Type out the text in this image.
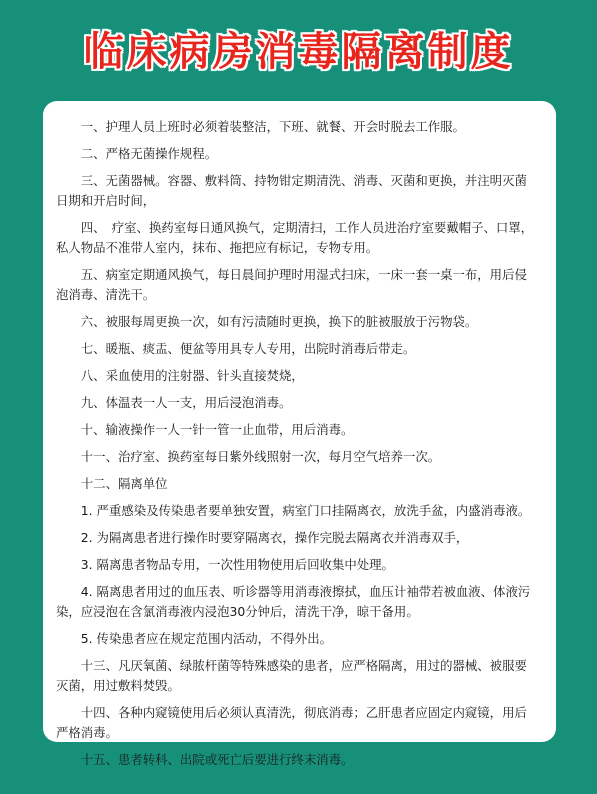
临床病房消毒隔离制度

一、护理人员上班时必须着装整洁，下班、就餐、开会时脱去工作服。

二、严格无菌操作规程。

三、无菌器械。容器、敷料筒、持物钳定期清洗、消毒、灭菌和更换，并注明灭菌日期和开启时间，

四、　疗室、换药室每日通风换气，定期清扫，工作人员进治疗室要戴帽子、口罩，私人物品不准带人室内，抹布、拖把应有标记，专物专用。

五、病室定期通风换气，每日晨间护理时用湿式扫床，一床一套一桌一布，用后侵泡消毒、清洗干。

六、被服每周更换一次，如有污渍随时更换，换下的脏被服放于污物袋。

七、暖瓶、痰盂、便盆等用具专人专用，出院时消毒后带走。

八、采血使用的注射器、针头直接焚烧，

九、体温表一人一支，用后浸泡消毒。

十、输液操作一人一针一管一止血带，用后消毒。

十一、治疗室、换药室每日紫外线照射一次，每月空气培养一次。

十二、隔离单位

1. 严重感染及传染患者要单独安置，病室门口挂隔离衣，放洗手盆，内盛消毒液。

2. 为隔离患者进行操作时要穿隔离衣，操作完脱去隔离衣并消毒双手，

3. 隔离患者物品专用，一次性用物使用后回收集中处理。

4. 隔离患者用过的血压表、听诊器等用消毒液擦拭，血压计袖带若被血液、体液污染，应浸泡在含氯消毒液内浸泡30分钟后，清洗干净，晾干备用。

5. 传染患者应在规定范围内活动，不得外出。

十三、凡厌氧菌、绿脓杆菌等特殊感染的患者，应严格隔离，用过的器械、被服要灭菌，用过敷料焚毁。

十四、各种内窥镜使用后必须认真清洗，彻底消毒；乙肝患者应固定内窥镜，用后严格消毒。

十五、患者转科、出院或死亡后要进行终末消毒。
